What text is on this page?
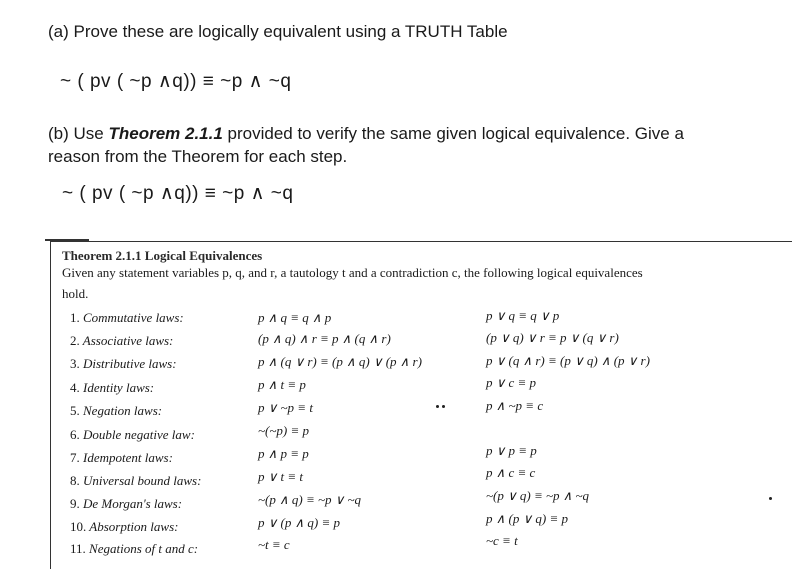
(a) Prove these are logically equivalent using a TRUTH Table
~ ( pv ( ~p ∧q)) ≡ ~p ∧ ~q
(b) Use Theorem 2.1.1 provided to verify the same given logical equivalence. Give a
reason from the Theorem for each step.
~ ( pv ( ~p ∧q)) ≡ ~p ∧ ~q
Theorem 2.1.1 Logical Equivalences
Given any statement variables p, q, and r, a tautology t and a contradiction c, the following logical equivalences
hold.
1. Commutative laws:	p ∧ q ≡ q ∧ p	p ∨ q ≡ q ∨ p
2. Associative laws:	(p ∧ q) ∧ r ≡ p ∧ (q ∧ r)	(p ∨ q) ∨ r ≡ p ∨ (q ∨ r)
3. Distributive laws:	p ∧ (q ∨ r) ≡ (p ∧ q) ∨ (p ∧ r)	p ∨ (q ∧ r) ≡ (p ∨ q) ∧ (p ∨ r)
4. Identity laws:	p ∧ t ≡ p	p ∨ c ≡ p
5. Negation laws:	p ∨ ~p ≡ t	p ∧ ~p ≡ c
6. Double negative law:	~(~p) ≡ p
7. Idempotent laws:	p ∧ p ≡ p	p ∨ p ≡ p
8. Universal bound laws:	p ∨ t ≡ t	p ∧ c ≡ c
9. De Morgan's laws:	~(p ∧ q) ≡ ~p ∨ ~q	~(p ∨ q) ≡ ~p ∧ ~q
10. Absorption laws:	p ∨ (p ∧ q) ≡ p	p ∧ (p ∨ q) ≡ p
11. Negations of t and c:	~t ≡ c	~c ≡ t
